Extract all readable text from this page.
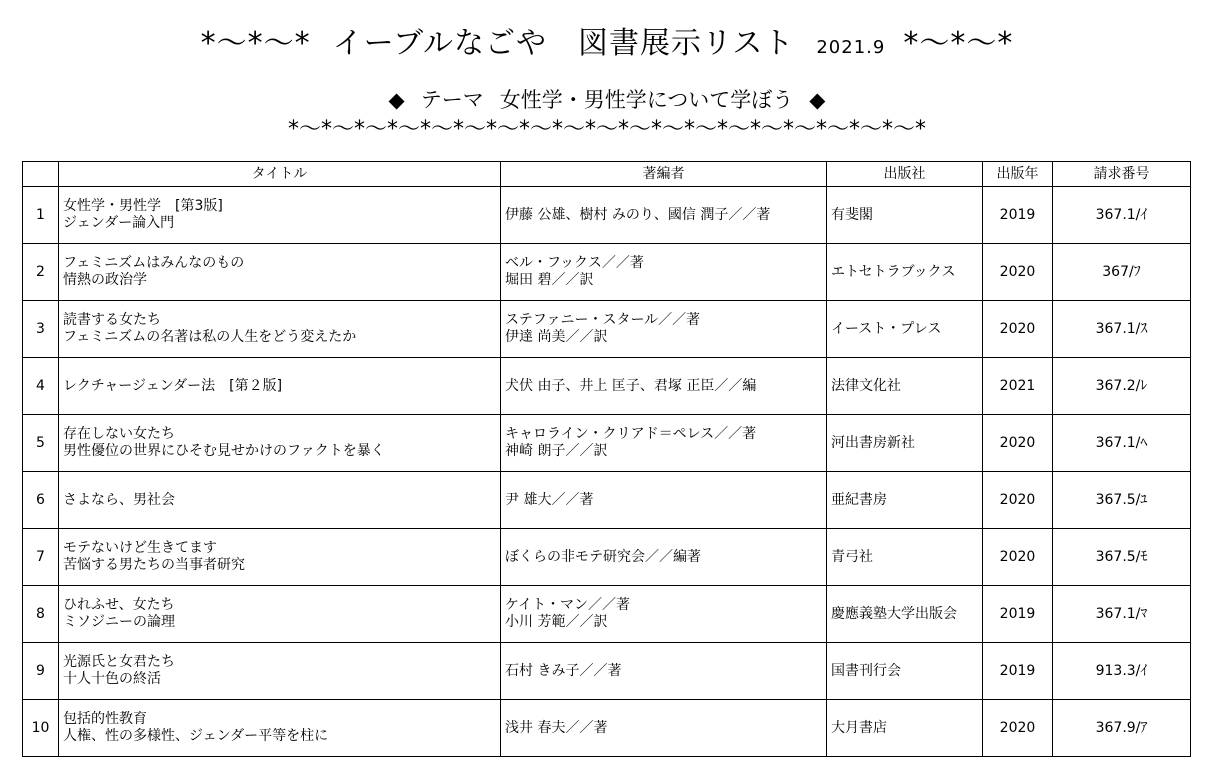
*〜*〜* イーブルなごや　図書展示リスト 2021.9 *〜*〜*
◆ テーマ 女性学・男性学について学ぼう ◆
*〜*〜*〜*〜*〜*〜*〜*〜*〜*〜*〜*〜*〜*〜*〜*〜*〜*〜*〜*
	タイトル	著編者	出版社	出版年	請求番号

1	女性学・男性学　[第3版]
ジェンダー論入門	伊藤 公雄、樹村 みのり、國信 潤子／／著	有斐閣	2019	367.1/ｲ

2	フェミニズムはみんなのもの
情熱の政治学	ベル・フックス／／著
堀田 碧／／訳	エトセトラブックス	2020	367/ﾌ

3	読書する女たち
フェミニズムの名著は私の人生をどう変えたか	ステファニー・スタール／／著
伊達 尚美／／訳	イースト・プレス	2020	367.1/ｽ

4	レクチャージェンダー法　[第２版]	犬伏 由子、井上 匡子、君塚 正臣／／編	法律文化社	2021	367.2/ﾚ

5	存在しない女たち
男性優位の世界にひそむ見せかけのファクトを暴く	キャロライン・クリアド＝ペレス／／著
神崎 朗子／／訳	河出書房新社	2020	367.1/ﾍ

6	さよなら、男社会	尹 雄大／／著	亜紀書房	2020	367.5/ﾕ

7	モテないけど生きてます
苦悩する男たちの当事者研究	ぼくらの非モテ研究会／／編著	青弓社	2020	367.5/ﾓ

8	ひれふせ、女たち
ミソジニーの論理	ケイト・マン／／著
小川 芳範／／訳	慶應義塾大学出版会	2019	367.1/ﾏ

9	光源氏と女君たち
十人十色の終活	石村 きみ子／／著	国書刊行会	2019	913.3/ｲ

10	包括的性教育
人権、性の多様性、ジェンダー平等を柱に	浅井 春夫／／著	大月書店	2020	367.9/ｱ
